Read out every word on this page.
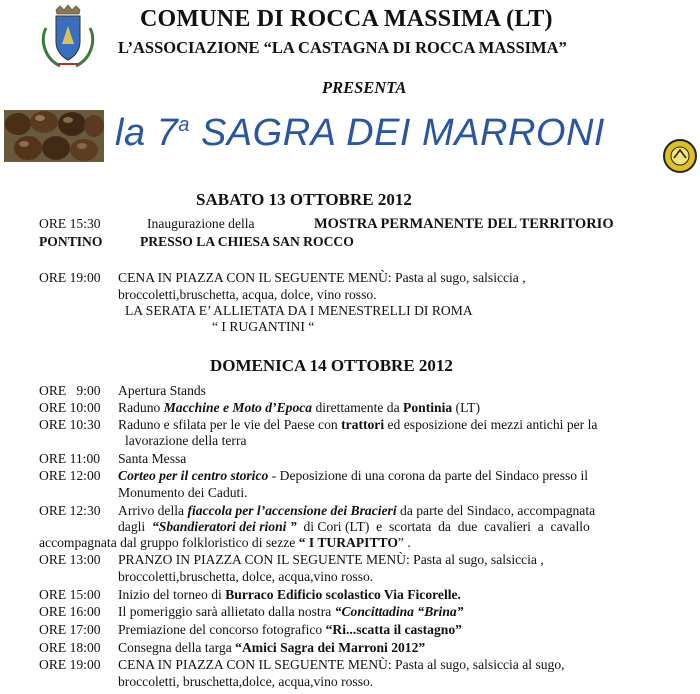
COMUNE DI ROCCA MASSIMA (LT)
L’ASSOCIAZIONE “LA CASTAGNA DI ROCCA MASSIMA”
PRESENTA
la 7$^a$ SAGRA DEI MARRONI
SABATO 13 OTTOBRE 2012
ORE 15:30	Inaugurazione della	MOSTRA PERMANENTE DEL TERRITORIO
PONTINO	PRESSO LA CHIESA SAN ROCCO
ORE 19:00 CENA IN PIAZZA CON IL SEGUENTE MENÙ: Pasta al sugo, salsiccia ,
broccoletti,bruschetta, acqua, dolce, vino rosso.
LA SERATA E’ ALLIETATA DA I MENESTRELLI DI ROMA
“ I RUGANTINI “
DOMENICA 14 OTTOBRE 2012
ORE   9:00 Apertura Stands
ORE 10:00 Raduno Macchine e Moto d’Epoca direttamente da Pontinia (LT)
ORE 10:30 Raduno e sfilata per le vie del Paese con trattori ed esposizione dei mezzi antichi per la
lavorazione della terra
ORE 11:00 Santa Messa
ORE 12:00 Corteo per il centro storico - Deposizione di una corona da parte del Sindaco presso il
Monumento dei Caduti.
ORE 12:30 Arrivo della fiaccola per l’accensione dei Bracieri da parte del Sindaco, accompagnata
dagli  “Sbandieratori dei rioni ”  di Cori (LT)  e  scortata  da  due  cavalieri  a  cavallo
accompagnata dal gruppo folkloristico di sezze “ I TURAPITTO” .
ORE 13:00 PRANZO IN PIAZZA CON IL SEGUENTE MENÙ: Pasta al sugo, salsiccia ,
broccoletti,bruschetta, dolce, acqua,vino rosso.
ORE 15:00 Inizio del torneo di Burraco Edificio scolastico Via Ficorelle.
ORE 16:00 Il pomeriggio sarà allietato dalla nostra “Concittadina “Brina”
ORE 17:00 Premiazione del concorso fotografico “Ri...scatta il castagno”
ORE 18:00 Consegna della targa “Amici Sagra dei Marroni 2012”
ORE 19:00 CENA IN PIAZZA CON IL SEGUENTE MENÙ: Pasta al sugo, salsiccia al sugo,
broccoletti, bruschetta,dolce, acqua,vino rosso.
